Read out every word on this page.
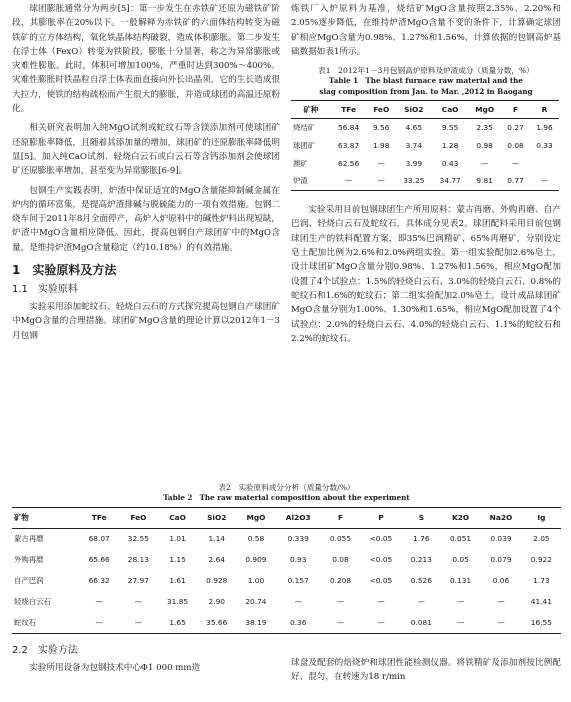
球团膨胀通常分为两步[5]：第一步发生在赤铁矿还原为磁铁矿阶段，其膨胀率在20%以下。一般解释为赤铁矿的六面体结构转变为磁铁矿的立方体结构，氧化铁晶体结构破裂，造成体积膨胀。第二步发生在浮士体（FexO）转变为铁阶段，膨胀十分显著，称之为异常膨胀或灾难性膨胀。此时，体积可增加100%，严重时达到300%～400%。灾难性膨胀时铁晶粒自浮士体表面直接向外长出晶须，它的生长造成很大拉力，使铁的结构疏松而产生很大的膨胀，并造成球团的高温还原粉化。

相关研究表明加入纯MgO试剂或蛇纹石等含镁添加剂可使球团矿还原膨胀率降低，且随着其添加量的增加，球团矿的还原膨胀率降低明显[5]。加入纯CaO试剂、轻烧白云石或白云石等含钙添加剂会使球团矿还原膨胀率增加，甚至变为异常膨胀[6-9]。

包钢生产实践表明，炉渣中保证适宜的MgO含量能抑制碱金属在炉内的循环富集，是提高炉渣排碱与脱硫能力的一项有效措施。包钢二烧车间于2011年8月全面停产，高炉入炉原料中的碱性炉料出现短缺，炉渣中MgO含量相应降低。因此，提高包钢自产球团矿中的MgO含量，是维持炉渣MgO含量稳定（约10.18%）的有效措施。

1　实验原料及方法
1.1　实验原料

实验采用添加蛇纹石、轻烧白云石的方式探究提高包钢自产球团矿中MgO含量的合理措施。球团矿MgO含量的理论计算以2012年1－3月包钢

炼铁厂入炉原料为基准，烧结矿MgO含量按照2.35%、2.20%和2.05%逐步降低，在维持炉渣MgO含量不变的条件下，计算确定球团矿相应MgO含量为0.98%、1.27%和1.56%，计算依据的包钢高炉基础数据如表1所示。

表1　2012年1－3月包钢高炉原料及炉渣成分（质量分数，%）
Table 1　The blast furnace raw material and the
slag composition from Jan. to Mar. ,2012 in Baogang
矿种	TFe	FeO	SiO2	CaO	MgO	F	R
烧结矿	56.84	9.56	4.65	9.55	2.35	0.27	1.96
球团矿	63.87	1.98	3.74	1.28	0.98	0.08	0.33
澳矿	62.56	—	3.99	0.43	—	—	
炉渣	—	—	33.25	34.77	9.81	0.77	—

实验采用目前包钢球团生产所用原料：蒙古再磨、外购再磨、自产巴润、轻烧白云石及蛇纹石，具体成分见表2。球团配料采用目前包钢球团生产的铁料配置方案，即35%巴润精矿、65%再磨矿，分别设定皂土配加比例为2.6%和2.0%两组实验。第一组实验配加2.6%皂土，设计球团矿MgO含量分别0.98%、1.27%和1.56%，相应MgO配加设置了4个试验点：1.5%的轻烧白云石、3.0%的轻烧白云石、0.8%的蛇纹石和1.6%的蛇纹石；第二组实验配加2.0%皂土，设计成品球团矿MgO含量分别为1.00%、1.30%和1.65%，相应MgO配加设置了4个试验点：2.0%的轻烧白云石、4.0%的轻烧白云石、1.1%的蛇纹石和2.2%的蛇纹石。

表2　实验原料成分分析（质量分数/%）
Table 2　The raw material composition about the experiment
矿物	TFe	FeO	CaO	SiO2	MgO	Al2O3	F	P	S	K2O	Na2O	Ig
蒙古再磨	68.07	32.55	1.01	1.14	0.58	0.339	0.055	<0.05	1.76	0.051	0.039	2.05
外购再磨	65.66	28.13	1.15	2.64	0.909	0.93	0.08	<0.05	0.213	0.05	0.079	0.922
自产巴润	66.32	27.97	1.61	0.928	1.00	0.157	0.208	<0.05	0.526	0.131	0.06	1.73
轻烧白云石	—	—	31.85	2.90	20.74	—	—	—	—	—	—	41.41
蛇纹石	—	—	1.65	35.66	38.19	0.36	—	—	0.081	—	—	16.55
2.2　实验方法

实验所用设备为包钢技术中心Φ1 000 mm造	球盘及配套的焙烧炉和球团性能检测仪器。将铁精矿及添加剂按比例配好、混匀，在转速为18 r/min
